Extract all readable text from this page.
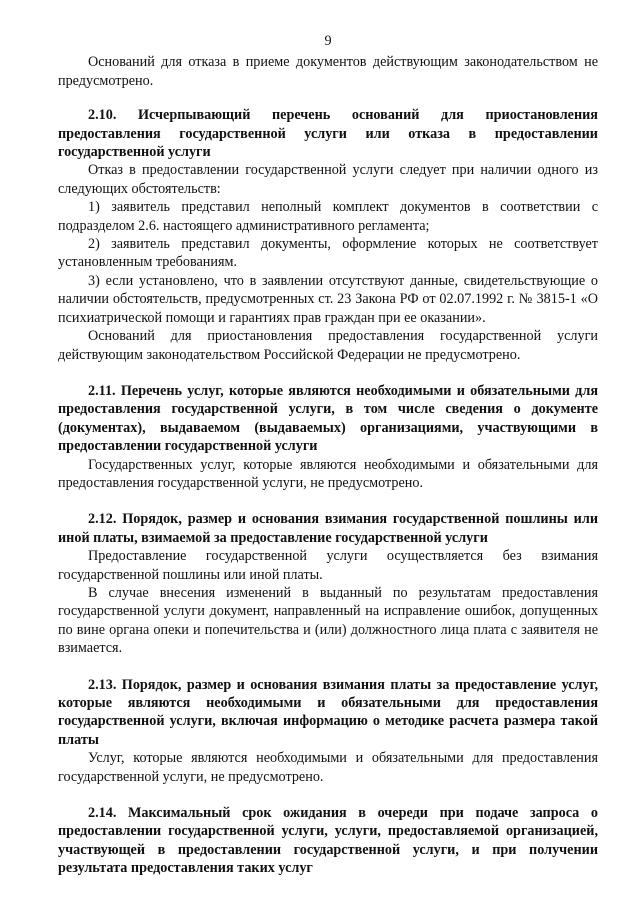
9

Оснований для отказа в приеме документов действующим законодательством не предусмотрено.

2.10. Исчерпывающий перечень оснований для приостановления предоставления государственной услуги или отказа в предоставлении государственной услуги

Отказ в предоставлении государственной услуги следует при наличии одного из следующих обстоятельств:

1) заявитель представил неполный комплект документов в соответствии с подразделом 2.6. настоящего административного регламента;

2) заявитель представил документы, оформление которых не соответствует установленным требованиям.

3) если установлено, что в заявлении отсутствуют данные, свидетельствующие о наличии обстоятельств, предусмотренных ст. 23 Закона РФ от 02.07.1992 г. № 3815-1 «О психиатрической помощи и гарантиях прав граждан при ее оказании».

Оснований для приостановления предоставления государственной услуги действующим законодательством Российской Федерации не предусмотрено.

2.11. Перечень услуг, которые являются необходимыми и обязательными для предоставления государственной услуги, в том числе сведения о документе (документах), выдаваемом (выдаваемых) организациями, участвующими в предоставлении государственной услуги

Государственных услуг, которые являются необходимыми и обязательными для предоставления государственной услуги, не предусмотрено.

2.12. Порядок, размер и основания взимания государственной пошлины или иной платы, взимаемой за предоставление государственной услуги

Предоставление государственной услуги осуществляется без взимания государственной пошлины или иной платы.

В случае внесения изменений в выданный по результатам предоставления государственной услуги документ, направленный на исправление ошибок, допущенных по вине органа опеки и попечительства и (или) должностного лица плата с заявителя не взимается.

2.13. Порядок, размер и основания взимания платы за предоставление услуг, которые являются необходимыми и обязательными для предоставления государственной услуги, включая информацию о методике расчета размера такой платы

Услуг, которые являются необходимыми и обязательными для предоставления государственной услуги, не предусмотрено.

2.14. Максимальный срок ожидания в очереди при подаче запроса о предоставлении государственной услуги, услуги, предоставляемой организацией, участвующей в предоставлении государственной услуги, и при получении результата предоставления таких услуг
